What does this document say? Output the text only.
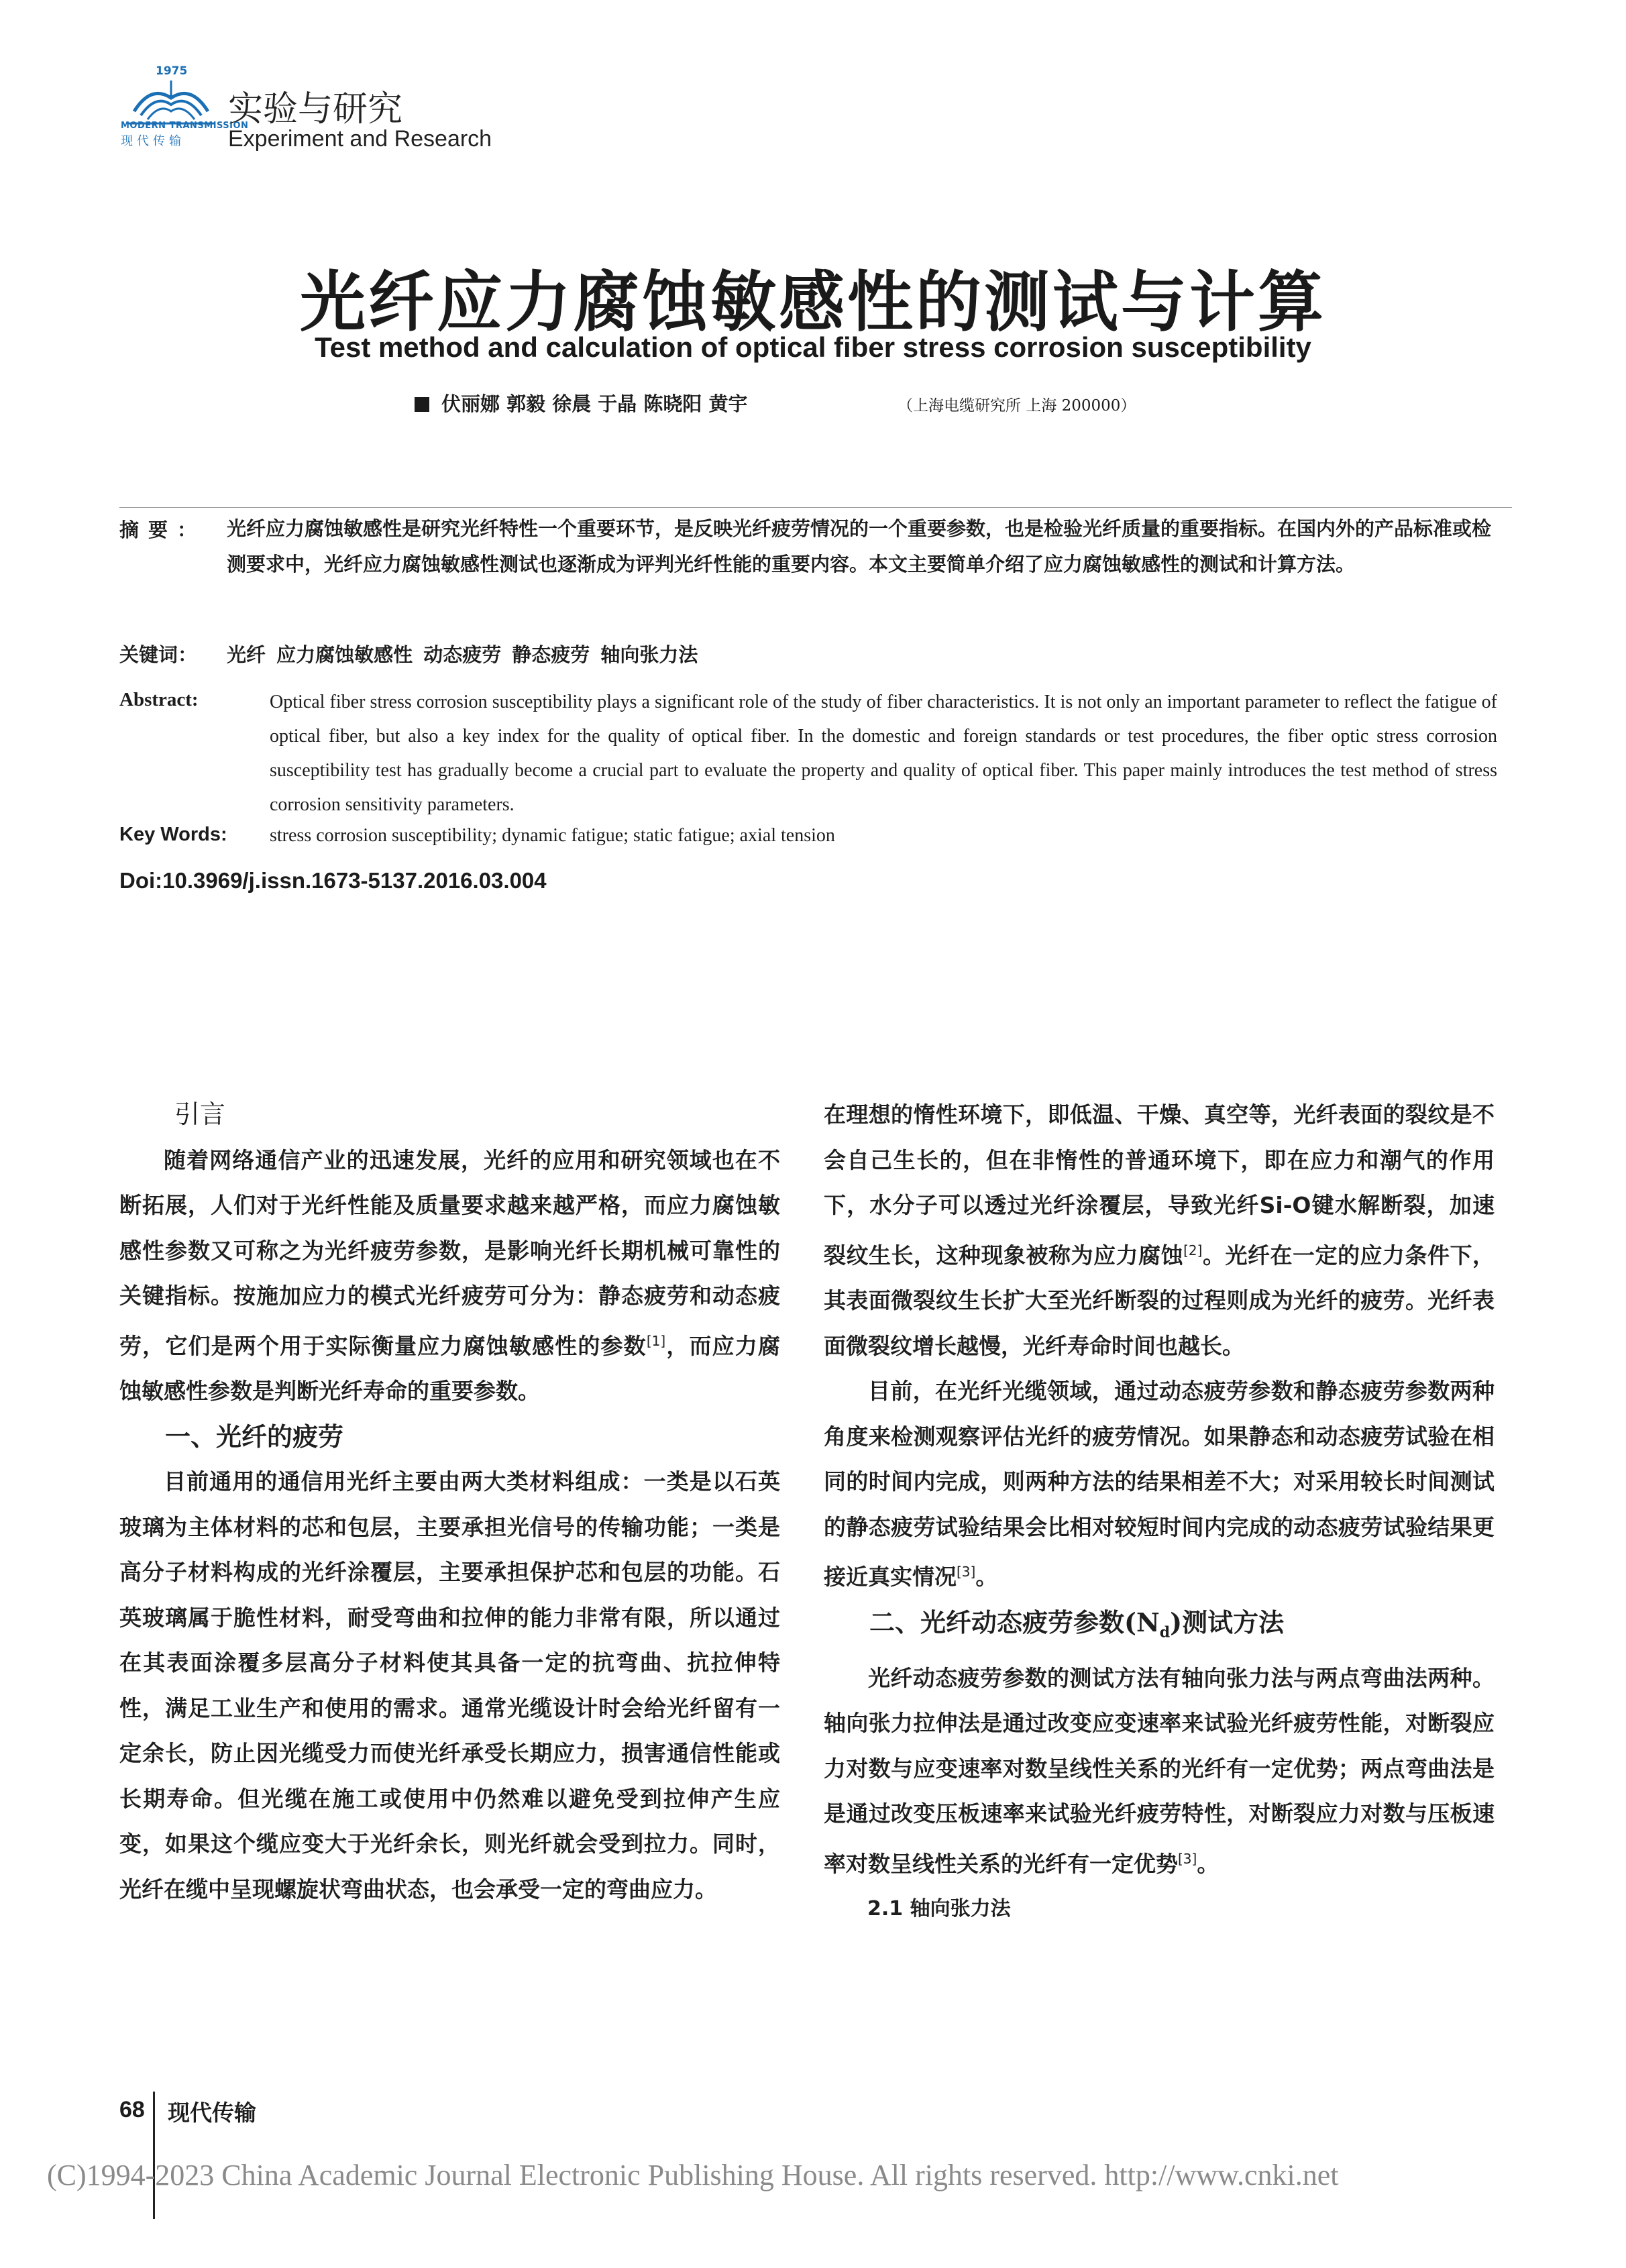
1975
MODERN TRANSMISSION
现代传输
实验与研究
Experiment and Research
光纤应力腐蚀敏感性的测试与计算
Test method and calculation of optical fiber stress corrosion susceptibility
伏丽娜 郭毅 徐晨 于晶 陈晓阳 黄宇	（上海电缆研究所 上海 200000）
摘要： 光纤应力腐蚀敏感性是研究光纤特性一个重要环节，是反映光纤疲劳情况的一个重要参数，也是检验光纤质量的重要指标。在国内外的产品标准或检测要求中，光纤应力腐蚀敏感性测试也逐渐成为评判光纤性能的重要内容。本文主要简单介绍了应力腐蚀敏感性的测试和计算方法。
关键词： 光纤 应力腐蚀敏感性 动态疲劳 静态疲劳 轴向张力法
Abstract:	Optical fiber stress corrosion susceptibility plays a significant role of the study of fiber characteristics. It is not only an important parameter to reflect the fatigue of optical fiber, but also a key index for the quality of optical fiber. In the domestic and foreign standards or test procedures, the fiber optic stress corrosion susceptibility test has gradually become a crucial part to evaluate the property and quality of optical fiber. This paper mainly introduces the test method of stress corrosion sensitivity parameters.
Key Words: stress corrosion susceptibility; dynamic fatigue; static fatigue; axial tension
Doi:10.3969/j.issn.1673-5137.2016.03.004
引言

随着网络通信产业的迅速发展，光纤的应用和研究领域也在不断拓展，人们对于光纤性能及质量要求越来越严格，而应力腐蚀敏感性参数又可称之为光纤疲劳参数，是影响光纤长期机械可靠性的关键指标。按施加应力的模式光纤疲劳可分为：静态疲劳和动态疲劳，它们是两个用于实际衡量应力腐蚀敏感性的参数[1]，而应力腐蚀敏感性参数是判断光纤寿命的重要参数。

一、光纤的疲劳

目前通用的通信用光纤主要由两大类材料组成：一类是以石英玻璃为主体材料的芯和包层，主要承担光信号的传输功能；一类是高分子材料构成的光纤涂覆层，主要承担保护芯和包层的功能。石英玻璃属于脆性材料，耐受弯曲和拉伸的能力非常有限，所以通过在其表面涂覆多层高分子材料使其具备一定的抗弯曲、抗拉伸特性，满足工业生产和使用的需求。通常光缆设计时会给光纤留有一定余长，防止因光缆受力而使光纤承受长期应力，损害通信性能或长期寿命。但光缆在施工或使用中仍然难以避免受到拉伸产生应变，如果这个缆应变大于光纤余长，则光纤就会受到拉力。同时，光纤在缆中呈现螺旋状弯曲状态，也会承受一定的弯曲应力。

在理想的惰性环境下，即低温、干燥、真空等，光纤表面的裂纹是不会自己生长的，但在非惰性的普通环境下，即在应力和潮气的作用下，水分子可以透过光纤涂覆层，导致光纤Si-O键水解断裂，加速裂纹生长，这种现象被称为应力腐蚀[2]。光纤在一定的应力条件下，其表面微裂纹生长扩大至光纤断裂的过程则成为光纤的疲劳。光纤表面微裂纹增长越慢，光纤寿命时间也越长。

目前，在光纤光缆领域，通过动态疲劳参数和静态疲劳参数两种角度来检测观察评估光纤的疲劳情况。如果静态和动态疲劳试验在相同的时间内完成，则两种方法的结果相差不大；对采用较长时间测试的静态疲劳试验结果会比相对较短时间内完成的动态疲劳试验结果更接近真实情况[3]。

二、光纤动态疲劳参数$(N_d)$测试方法

光纤动态疲劳参数的测试方法有轴向张力法与两点弯曲法两种。轴向张力拉伸法是通过改变应变速率来试验光纤疲劳性能，对断裂应力对数与应变速率对数呈线性关系的光纤有一定优势；两点弯曲法是是通过改变压板速率来试验光纤疲劳特性，对断裂应力对数与压板速率对数呈线性关系的光纤有一定优势[3]。

2.1 轴向张力法
68 现代传输
(C)1994-2023 China Academic Journal Electronic Publishing House. All rights reserved. http://www.cnki.net
